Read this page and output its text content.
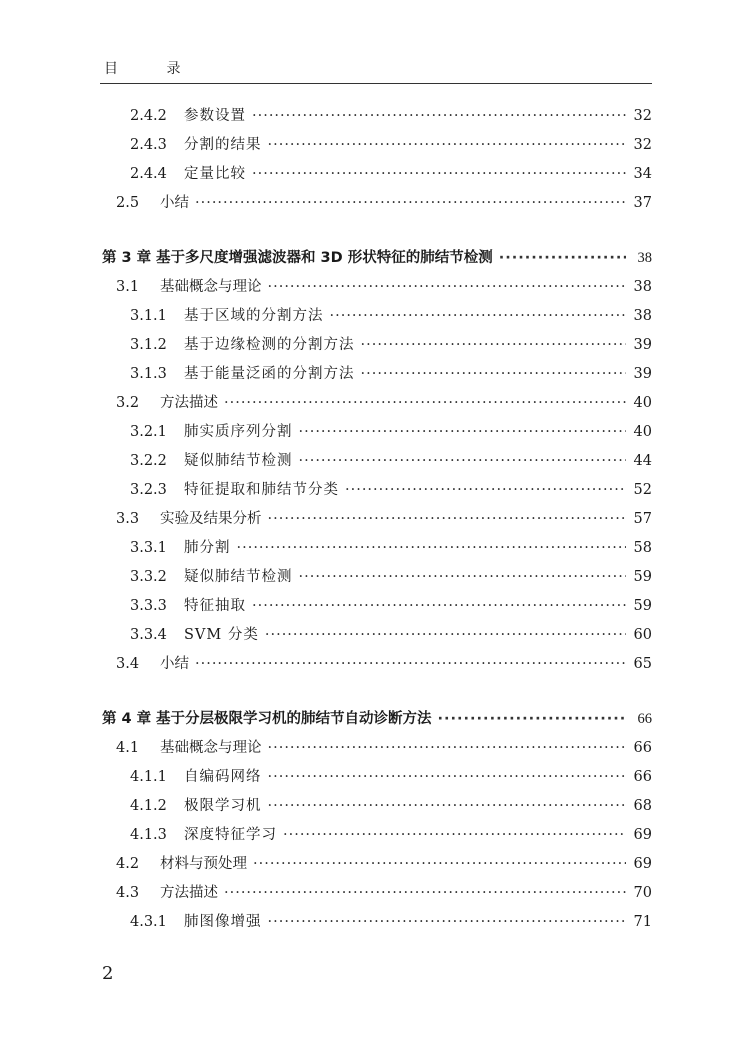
目 录
2.4.2	参数设置 ·····	32
2.4.3	分割的结果 ·····	32
2.4.4	定量比较 ·····	34
2.5	小结 ·····	37
第 3 章 基于多尺度增强滤波器和 3D 形状特征的肺结节检测 ·····	38
3.1	基础概念与理论 ·····	38
3.1.1	基于区域的分割方法 ·····	38
3.1.2	基于边缘检测的分割方法 ·····	39
3.1.3	基于能量泛函的分割方法 ·····	39
3.2	方法描述 ·····	40
3.2.1	肺实质序列分割 ·····	40
3.2.2	疑似肺结节检测 ·····	44
3.2.3	特征提取和肺结节分类 ·····	52
3.3	实验及结果分析 ·····	57
3.3.1	肺分割 ·····	58
3.3.2	疑似肺结节检测 ·····	59
3.3.3	特征抽取 ·····	59
3.3.4	SVM 分类 ·····	60
3.4	小结 ·····	65
第 4 章 基于分层极限学习机的肺结节自动诊断方法 ·····	66
4.1	基础概念与理论 ·····	66
4.1.1	自编码网络 ·····	66
4.1.2	极限学习机 ·····	68
4.1.3	深度特征学习 ·····	69
4.2	材料与预处理 ·····	69
4.3	方法描述 ·····	70
4.3.1	肺图像增强 ·····	71
2
